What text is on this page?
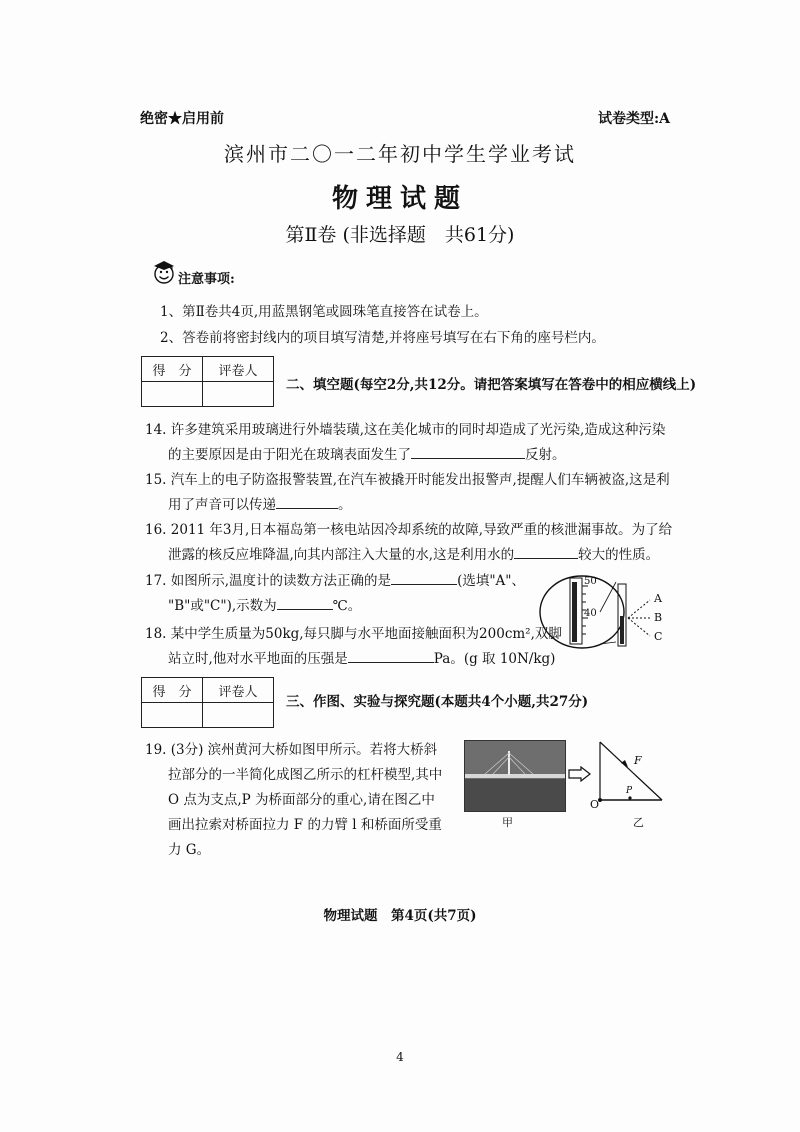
绝密★启用前	试卷类型:A
滨州市二〇一二年初中学生学业考试
物理试题
第Ⅱ卷 (非选择题　共61分)
注意事项:
1、第Ⅱ卷共4页,用蓝黑钢笔或圆珠笔直接答在试卷上。
2、答卷前将密封线内的项目填写清楚,并将座号填写在右下角的座号栏内。
得　分	评卷人

二、填空题(每空2分,共12分。请把答案填写在答卷中的相应横线上)
14. 许多建筑采用玻璃进行外墙装璜,这在美化城市的同时却造成了光污染,造成这种污染
的主要原因是由于阳光在玻璃表面发生了	反射。
15. 汽车上的电子防盗报警装置,在汽车被撬开时能发出报警声,提醒人们车辆被盗,这是利
用了声音可以传递	。
16. 2011 年3月,日本福岛第一核电站因冷却系统的故障,导致严重的核泄漏事故。为了给
泄露的核反应堆降温,向其内部注入大量的水,这是利用水的	较大的性质。
17. 如图所示,温度计的读数方法正确的是	(选填"A"、
"B"或"C"),示数为	℃。
50
40
A
B
C
18. 某中学生质量为50kg,每只脚与水平地面接触面积为200cm²,双脚
站立时,他对水平地面的压强是	Pa。(g 取 10N/kg)
得　分	评卷人

三、作图、实验与探究题(本题共4个小题,共27分)
19. (3分) 滨州黄河大桥如图甲所示。若将大桥斜
拉部分的一半简化成图乙所示的杠杆模型,其中
O 点为支点,P 为桥面部分的重心,请在图乙中
画出拉索对桥面拉力 F 的力臂 l 和桥面所受重
力 G。
甲
F
O
P
乙
物理试题　第4页(共7页)
4
